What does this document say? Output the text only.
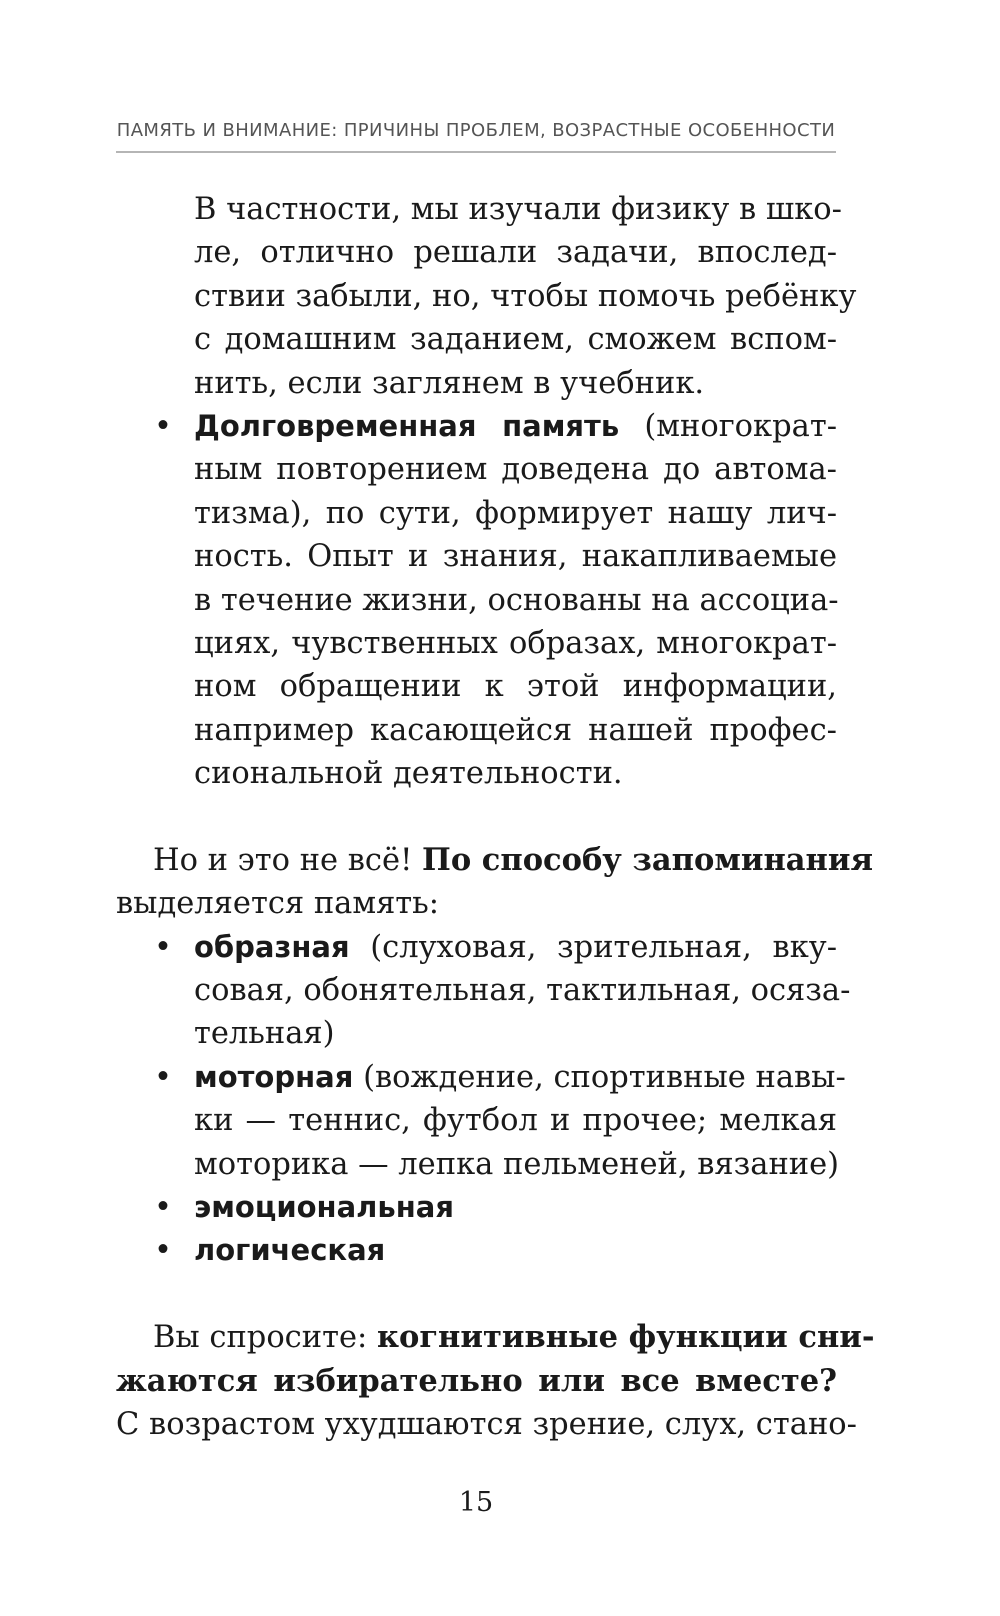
ПАМЯТЬ И ВНИМАНИЕ: ПРИЧИНЫ ПРОБЛЕМ, ВОЗРАСТНЫЕ ОСОБЕННОСТИ
В частности, мы изучали физику в шко-
ле, отлично решали задачи, впослед-
ствии забыли, но, чтобы помочь ребёнку
с домашним заданием, сможем вспом-
нить, если заглянем в учебник.
• Долговременная память (многократ-
ным повторением доведена до автома-
тизма), по сути, формирует нашу лич-
ность. Опыт и знания, накапливаемые
в течение жизни, основаны на ассоциа-
циях, чувственных образах, многократ-
ном обращении к этой информации,
например касающейся нашей профес-
сиональной деятельности.
Но и это не всё! По способу запоминания
выделяется память:
• образная (слуховая, зрительная, вку-
совая, обонятельная, тактильная, осяза-
тельная)
• моторная (вождение, спортивные навы-
ки — теннис, футбол и прочее; мелкая
моторика — лепка пельменей, вязание)
• эмоциональная
• логическая
Вы спросите: когнитивные функции сни-
жаются избирательно или все вместе?
С возрастом ухудшаются зрение, слух, стано-
15
